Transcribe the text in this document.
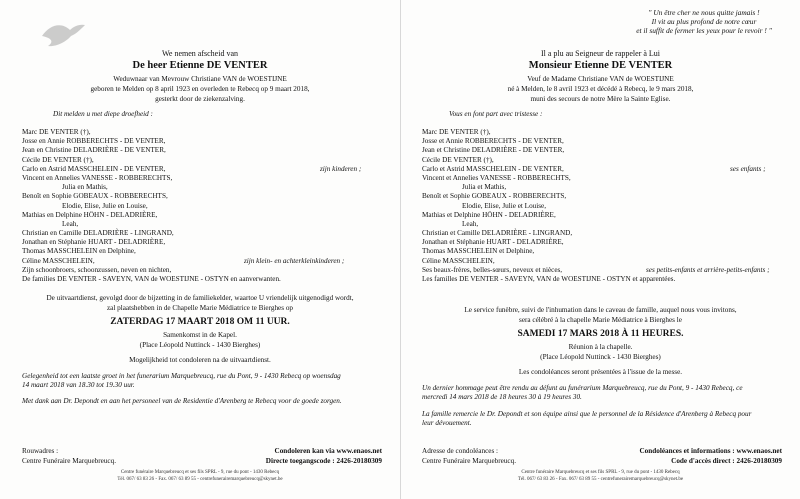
We nemen afscheid van
De heer Etienne DE VENTER
Weduwnaar van Mevrouw Christiane VAN de WOESTIJNE
geboren te Melden op 8 april 1923 en overleden te Rebecq op 9 maart 2018,
gesterkt door de ziekenzalving.
Dit melden u met diepe droefheid :
Marc DE VENTER (†),
Josse en Annie ROBBERECHTS - DE VENTER,
Jean en Christine DELADRIÈRE - DE VENTER,
Cécile DE VENTER (†),
Carlo en Astrid MASSCHELEIN - DE VENTER,
Vincent en Annelies VANESSE - ROBBERECHTS,
Julia en Mathis,
Benoît en Sophie GOBEAUX - ROBBERECHTS,
Elodie, Elise, Julie en Louise,
Mathias en Delphine HÖHN - DELADRIÈRE,
Leah,
Christian en Camille DELADRIÈRE - LINGRAND,
Jonathan en Stéphanie HUART - DELADRIÈRE,
Thomas MASSCHELEIN en Delphine,
Céline MASSCHELEIN,
Zijn schoonbroers, schoonzussen, neven en nichten,
De families DE VENTER - SAVEYN, VAN de WOESTIJNE - OSTYN en aanverwanten.
zijn kinderen ;
zijn klein- en achterkleinkinderen ;
De uitvaartdienst, gevolgd door de bijzetting in de familiekelder, waartoe U vriendelijk uitgenodigd wordt,
zal plaatshebben in de Chapelle Marie Médiatrice te Bierghes op
ZATERDAG 17 MAART 2018 OM 11 UUR.
Samenkomst in de Kapel.
(Place Léopold Nuttinck - 1430 Bierghes)
Mogelijkheid tot condoleren na de uitvaartdienst.
Gelegenheid tot een laatste groet in het funerarium Marquebreucq, rue du Pont, 9 - 1430 Rebecq op woensdag
14 maart 2018 van 18.30 tot 19.30 uur.
Met dank aan Dr. Depondt en aan het personeel van de Residentie d'Arenberg te Rebecq voor de goede zorgen.
Rouwadres :
Centre Funéraire Marquebreucq.
Condoleren kan via www.enaos.net
Directe toegangscode : 2426-20180309
Centre funéraire Marquebreucq et ses fils SPRL - 9, rue du pont - 1430 Rebecq
Tél. 067/ 63 83 26 - Fax. 067/ 63 89 55 - centrefunerairemarquebreucq@skynet.be
" Un être cher ne nous quitte jamais !
Il vit au plus profond de notre cœur
et il suffit de fermer les yeux pour le revoir ! "
Il a plu au Seigneur de rappeler à Lui
Monsieur Etienne DE VENTER
Veuf de Madame Christiane VAN de WOESTIJNE
né à Melden, le 8 avril 1923 et décédé à Rebecq, le 9 mars 2018,
muni des secours de notre Mère la Sainte Eglise.
Vous en font part avec tristesse :
Marc DE VENTER (†),
Josse et Annie ROBBERECHTS - DE VENTER,
Jean et Christine DELADRIÈRE - DE VENTER,
Cécile DE VENTER (†),
Carlo et Astrid MASSCHELEIN - DE VENTER,
Vincent et Annelies VANESSE - ROBBERECHTS,
Julia et Mathis,
Benoît et Sophie GOBEAUX - ROBBERECHTS,
Elodie, Elise, Julie et Louise,
Mathias et Delphine HÖHN - DELADRIÈRE,
Leah,
Christian et Camille DELADRIÈRE - LINGRAND,
Jonathan et Stéphanie HUART - DELADRIÈRE,
Thomas MASSCHELEIN et Delphine,
Céline MASSCHELEIN,
Ses beaux-frères, belles-sœurs, neveux et nièces,
Les familles DE VENTER - SAVEYN, VAN de WOESTIJNE - OSTYN et apparentées.
ses enfants ;
ses petits-enfants et arrière-petits-enfants ;
Le service funèbre, suivi de l'inhumation dans le caveau de famille, auquel nous vous invitons,
sera célébré à la chapelle Marie Médiatrice à Bierghes le
SAMEDI 17 MARS 2018 À 11 HEURES.
Réunion à la chapelle.
(Place Léopold Nuttinck - 1430 Bierghes)
Les condoléances seront présentées à l'issue de la messe.
Un dernier hommage peut être rendu au défunt au funérarium Marquebreucq, rue du Pont, 9 - 1430 Rebecq, ce
mercredi 14 mars 2018 de 18 heures 30 à 19 heures 30.
La famille remercie le Dr. Depondt et son équipe ainsi que le personnel de la Résidence d'Arenberg à Rebecq pour
leur dévouement.
Adresse de condoléances :
Centre Funéraire Marquebreucq.
Condoléances et informations : www.enaos.net
Code d'accès direct : 2426-20180309
Centre funéraire Marquebreucq et ses fils SPRL - 9, rue du pont - 1430 Rebecq
Tél. 067/ 63 83 26 - Fax. 067/ 63 89 55 - centrefunerairemarquebreucq@skynet.be
